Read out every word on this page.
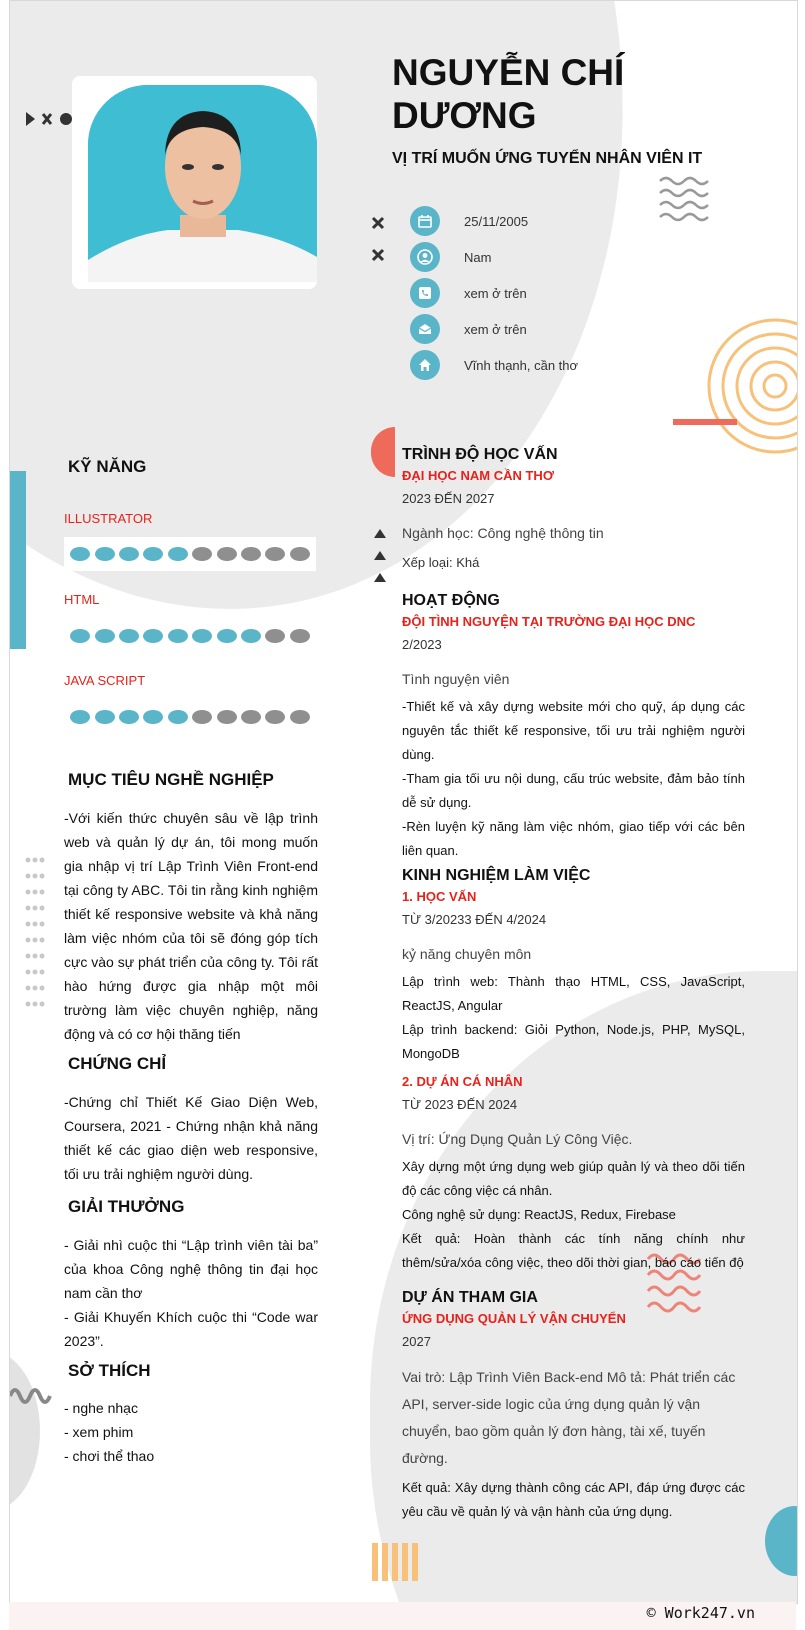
NGUYỄN CHÍ DƯƠNG
VỊ TRÍ MUỐN ỨNG TUYỂN NHÂN VIÊN IT
25/11/2005
Nam
xem ở trên
xem ở trên
Vĩnh thạnh, cần thơ
KỸ NĂNG
ILLUSTRATOR
HTML
JAVA SCRIPT
MỤC TIÊU NGHỀ NGHIỆP
-Với kiến thức chuyên sâu về lập trình web và quản lý dự án, tôi mong muốn gia nhập vị trí Lập Trình Viên Front-end tại công ty ABC. Tôi tin rằng kinh nghiệm thiết kế responsive website và khả năng làm việc nhóm của tôi sẽ đóng góp tích cực vào sự phát triển của công ty. Tôi rất hào hứng được gia nhập một môi trường làm việc chuyên nghiệp, năng động và có cơ hội thăng tiến
CHỨNG CHỈ
-Chứng chỉ Thiết Kế Giao Diện Web, Coursera, 2021 - Chứng nhận khả năng thiết kế các giao diện web responsive, tối ưu trải nghiệm người dùng.
GIẢI THƯỞNG
- Giải nhì cuộc thi “Lập trình viên tài ba” của khoa Công nghệ thông tin đại học nam cần thơ
- Giải Khuyến Khích cuộc thi “Code war 2023”.
SỞ THÍCH
- nghe nhạc
- xem phim
- chơi thể thao
TRÌNH ĐỘ HỌC VẤN
ĐẠI HỌC NAM CẦN THƠ
2023 ĐẾN 2027
Ngành học: Công nghệ thông tin
Xếp loại: Khá
HOẠT ĐỘNG
ĐỘI TÌNH NGUYỆN TẠI TRƯỜNG ĐẠI HỌC DNC
2/2023
Tình nguyện viên
-Thiết kế và xây dựng website mới cho quỹ, áp dụng các nguyên tắc thiết kế responsive, tối ưu trải nghiệm người dùng.
-Tham gia tối ưu nội dung, cấu trúc website, đảm bảo tính dễ sử dụng.
-Rèn luyện kỹ năng làm việc nhóm, giao tiếp với các bên liên quan.
KINH NGHIỆM LÀM VIỆC
1. HỌC VẤN
TỪ 3/20233 ĐẾN 4/2024
kỷ năng chuyên môn
Lập trình web: Thành thạo HTML, CSS, JavaScript, ReactJS, Angular
Lập trình backend: Giỏi Python, Node.js, PHP, MySQL, MongoDB
2. DỰ ÁN CÁ NHÂN
TỪ 2023 ĐẾN 2024
Vị trí: Ứng Dụng Quản Lý Công Việc.
Xây dựng một ứng dụng web giúp quản lý và theo dõi tiến độ các công việc cá nhân.
Công nghệ sử dụng: ReactJS, Redux, Firebase
Kết quả: Hoàn thành các tính năng chính như thêm/sửa/xóa công việc, theo dõi thời gian, báo cáo tiến độ
DỰ ÁN THAM GIA
ỨNG DỤNG QUẢN LÝ VẬN CHUYỂN
2027
Vai trò: Lập Trình Viên Back-end Mô tả: Phát triển các API, server-side logic của ứng dụng quản lý vận chuyển, bao gồm quản lý đơn hàng, tài xế, tuyến đường.
Kết quả: Xây dựng thành công các API, đáp ứng được các yêu cầu về quản lý và vận hành của ứng dụng.
© Work247.vn
